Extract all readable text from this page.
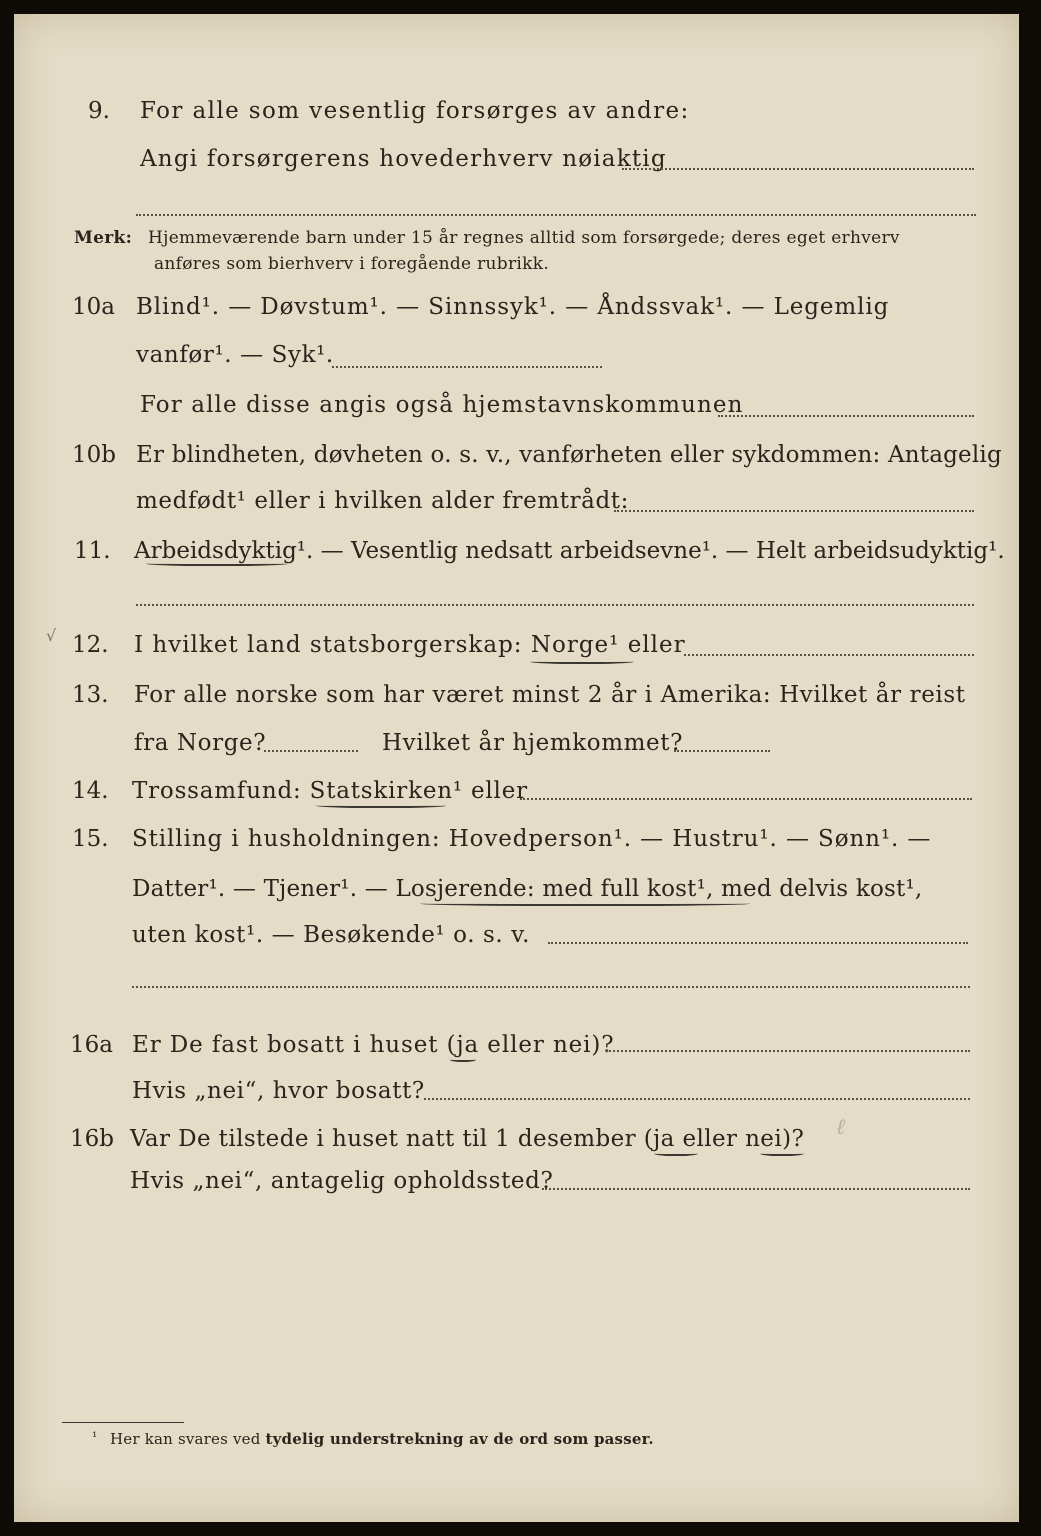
9. For alle som vesentlig forsørges av andre:
Angi forsørgerens hovederhverv nøiaktig
Merk: Hjemmeværende barn under 15 år regnes alltid som forsørgede; deres eget erhverv
anføres som bierhverv i foregående rubrikk.
10a Blind¹. — Døvstum¹. — Sinnssyk¹. — Åndssvak¹. — Legemlig
vanfør¹. — Syk¹.
For alle disse angis også hjemstavnskommunen
10b Er blindheten, døvheten o. s. v., vanførheten eller sykdommen: Antagelig
medfødt¹ eller i hvilken alder fremtrådt:
11. Arbeidsdyktig¹. — Vesentlig nedsatt arbeidsevne¹. — Helt arbeidsudyktig¹.
√ 12. I hvilket land statsborgerskap: Norge¹ eller
13. For alle norske som har været minst 2 år i Amerika: Hvilket år reist
fra Norge?	Hvilket år hjemkommet?
14. Trossamfund: Statskirken¹ eller
15. Stilling i husholdningen: Hovedperson¹. — Hustru¹. — Sønn¹. —
Datter¹. — Tjener¹. — Losjerende: med full kost¹, med delvis kost¹,
uten kost¹. — Besøkende¹ o. s. v.
16a Er De fast bosatt i huset (ja eller nei)?
Hvis „nei“, hvor bosatt?
16b Var De tilstede i huset natt til 1 desember (ja eller nei)? ℓ
Hvis „nei“, antagelig opholdssted?
¹ Her kan svares ved tydelig understrekning av de ord som passer.
